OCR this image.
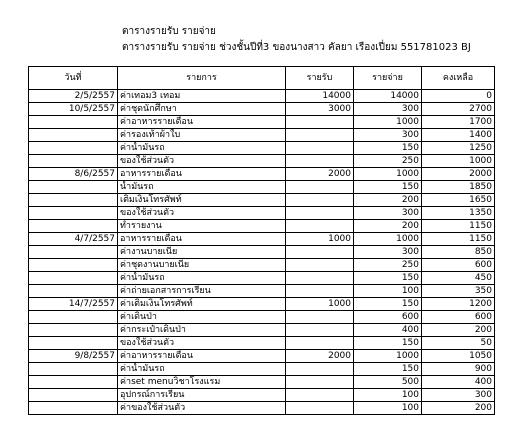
ตารางรายรับ รายจ่าย
ตารางรายรับ รายจ่าย ช่วงชั้นปีที่3 ของนางสาว คัลยา เรืองเปี่ยม 551781023 BJ
วันที่	รายการ	รายรับ	รายจ่าย	คงเหลือ
2/5/2557	ค่าเทอม3 เทอม	14000	14000	0
10/5/2557	ค่าชุดนักศึกษา	3000	300	2700
	ค่าอาหารรายเดือน		1000	1700
	ค่ารองเท้าผ้าใบ		300	1400
	ค่าน้ำมันรถ		150	1250
	ของใช้ส่วนตัว		250	1000
8/6/2557	อาหารรายเดือน	2000	1000	2000
	น้ำมันรถ		150	1850
	เติมเงินโทรศัพท์		200	1650
	ของใช้ส่วนตัว		300	1350
	ทำรายงาน		200	1150
4/7/2557	อาหารรายเดือน	1000	1000	1150
	ค่างานบายเนีย		300	850
	ค่าชุดงานบายเนีย		250	600
	ค่าน้ำมันรถ		150	450
	ค่าถ่ายเอกสารการเรียน		100	350
14/7/2557	ค่าเติมเงินโทรศัพท์	1000	150	1200
	ค่าเดินป่า		600	600
	ค่ากระเป๋าเดินป่า		400	200
	ของใช้ส่วนตัว		150	50
9/8/2557	ค่าอาหารรายเดือน	2000	1000	1050
	ค่าน้ำมันรถ		150	900
	ค่าset menuวิชาโรงแรม		500	400
	อุปกรณ์การเรียน		100	300
	ค่าของใช้ส่วนตัว		100	200
